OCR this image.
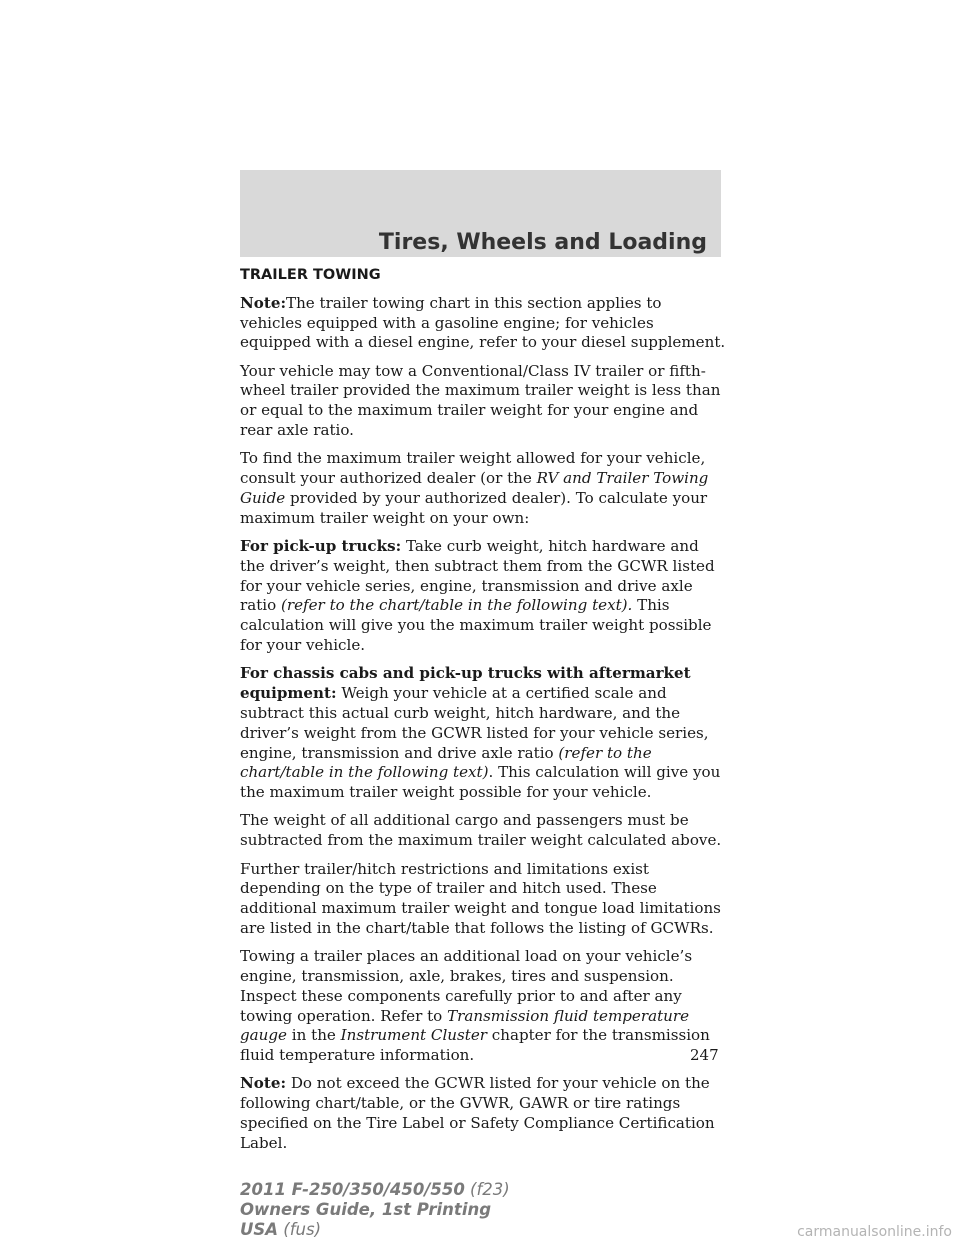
Tires, Wheels and Loading
TRAILER TOWING

Note:The trailer towing chart in this section applies to vehicles equipped with a gasoline engine; for vehicles equipped with a diesel engine, refer to your diesel supplement.

Your vehicle may tow a Conventional/Class IV trailer or fifth-wheel trailer provided the maximum trailer weight is less than or equal to the maximum trailer weight for your engine and rear axle ratio.

To find the maximum trailer weight allowed for your vehicle, consult your authorized dealer (or the RV and Trailer Towing Guide provided by your authorized dealer). To calculate your maximum trailer weight on your own:

For pick-up trucks: Take curb weight, hitch hardware and the driver’s weight, then subtract them from the GCWR listed for your vehicle series, engine, transmission and drive axle ratio (refer to the chart/table in the following text). This calculation will give you the maximum trailer weight possible for your vehicle.

For chassis cabs and pick-up trucks with aftermarket equipment: Weigh your vehicle at a certified scale and subtract this actual curb weight, hitch hardware, and the driver’s weight from the GCWR listed for your vehicle series, engine, transmission and drive axle ratio (refer to the chart/table in the following text). This calculation will give you the maximum trailer weight possible for your vehicle.

The weight of all additional cargo and passengers must be subtracted from the maximum trailer weight calculated above.

Further trailer/hitch restrictions and limitations exist depending on the type of trailer and hitch used. These additional maximum trailer weight and tongue load limitations are listed in the chart/table that follows the listing of GCWRs.

Towing a trailer places an additional load on your vehicle’s engine, transmission, axle, brakes, tires and suspension. Inspect these components carefully prior to and after any towing operation. Refer to Transmission fluid temperature gauge in the Instrument Cluster chapter for the transmission fluid temperature information.

Note: Do not exceed the GCWR listed for your vehicle on the following chart/table, or the GVWR, GAWR or tire ratings specified on the Tire Label or Safety Compliance Certification Label.

247
2011 F-250/350/450/550 (f23)
Owners Guide, 1st Printing
USA (fus)	carmanualsonline.info
